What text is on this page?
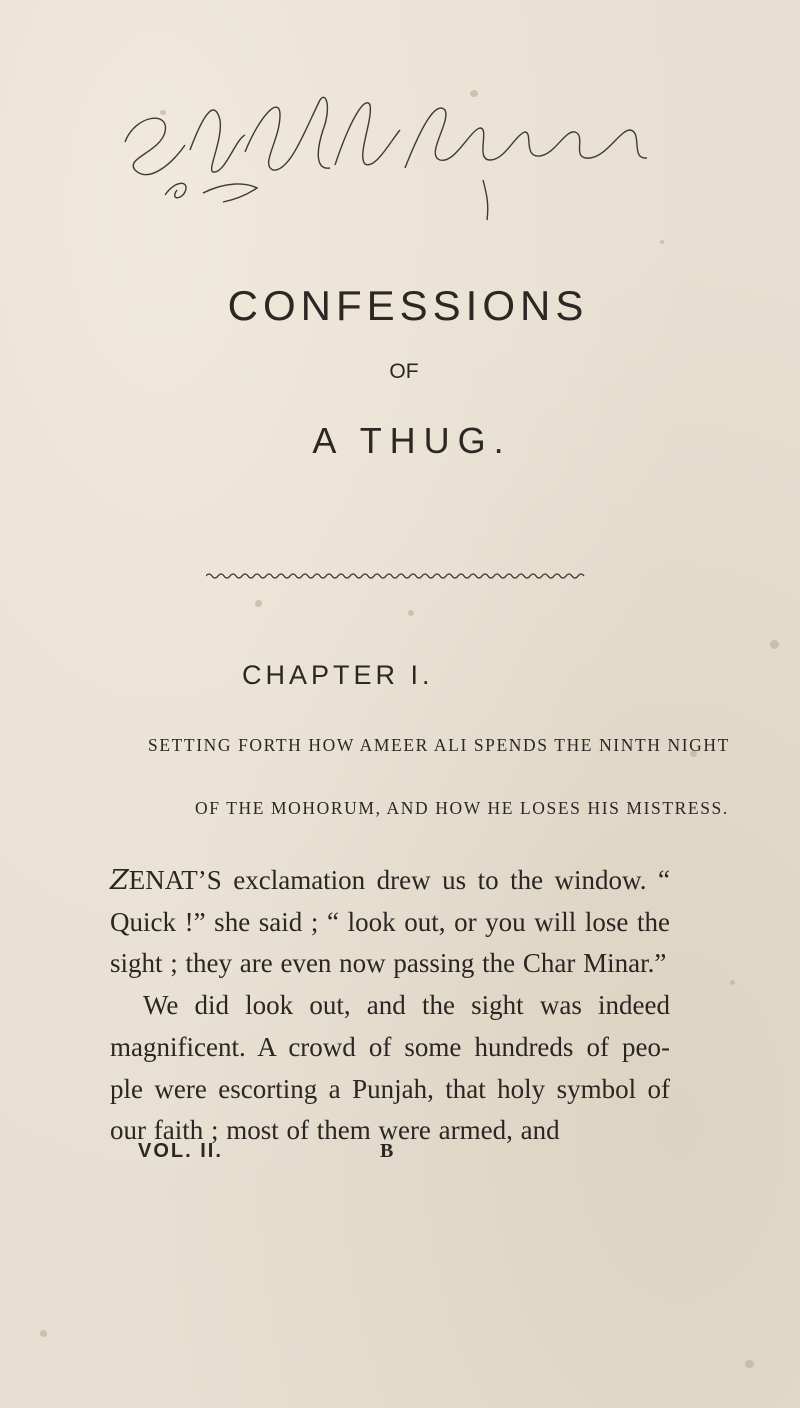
CONFESSIONS
OF
A THUG.
CHAPTER I.
SETTING FORTH HOW AMEER ALI SPENDS THE NINTH NIGHT
OF THE MOHORUM, AND HOW HE LOSES HIS MISTRESS.

ZENAT’S exclamation drew us to the window. “ Quick !” she said ; “ look out, or you will lose the sight ; they are even now passing the Char Minar.”

We did look out, and the sight was indeed magnificent. A crowd of some hundreds of peo- ple were escorting a Punjah, that holy symbol of our faith ; most of them were armed, and

VOL. II.	B
